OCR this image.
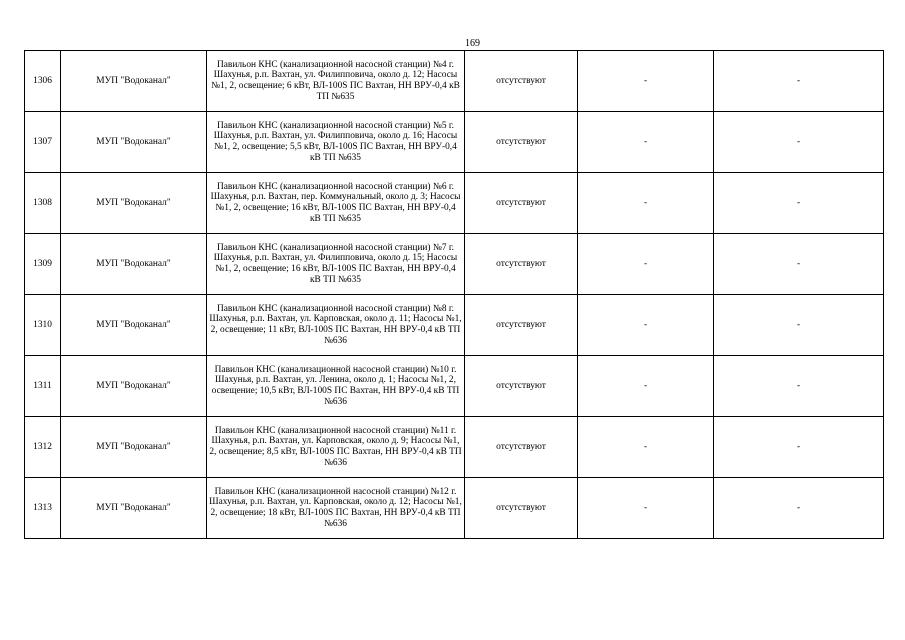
169
1306	МУП "Водоканал"	Павильон КНС (канализационной насосной станции) №4 г. Шахунья, р.п. Вахтан, ул. Филипповича, около д. 12; Насосы №1, 2, освещение; 6 кВт, ВЛ-100S ПС Вахтан, НН ВРУ-0,4 кВ ТП №635	отсутствуют	-	-
1307	МУП "Водоканал"	Павильон КНС (канализационной насосной станции) №5 г. Шахунья, р.п. Вахтан, ул. Филипповича, около д. 16; Насосы №1, 2, освещение; 5,5 кВт, ВЛ-100S ПС Вахтан, НН ВРУ-0,4 кВ ТП №635	отсутствуют	-	-
1308	МУП "Водоканал"	Павильон КНС (канализационной насосной станции) №6 г. Шахунья, р.п. Вахтан, пер. Коммунальный, около д. 3; Насосы №1, 2, освещение; 16 кВт, ВЛ-100S ПС Вахтан, НН ВРУ-0,4 кВ ТП №635	отсутствуют	-	-
1309	МУП "Водоканал"	Павильон КНС (канализационной насосной станции) №7 г. Шахунья, р.п. Вахтан, ул. Филипповича, около д. 15; Насосы №1, 2, освещение; 16 кВт, ВЛ-100S ПС Вахтан, НН ВРУ-0,4 кВ ТП №635	отсутствуют	-	-
1310	МУП "Водоканал"	Павильон КНС (канализационной насосной станции) №8 г. Шахунья, р.п. Вахтан, ул. Карповская, около д. 11; Насосы №1, 2, освещение; 11 кВт, ВЛ-100S ПС Вахтан, НН ВРУ-0,4 кВ ТП №636	отсутствуют	-	-
1311	МУП "Водоканал"	Павильон КНС (канализационной насосной станции) №10 г. Шахунья, р.п. Вахтан, ул. Ленина, около д. 1; Насосы №1, 2, освещение; 10,5 кВт, ВЛ-100S ПС Вахтан, НН ВРУ-0,4 кВ ТП №636	отсутствуют	-	-
1312	МУП "Водоканал"	Павильон КНС (канализационной насосной станции) №11 г. Шахунья, р.п. Вахтан, ул. Карповская, около д. 9; Насосы №1, 2, освещение; 8,5 кВт, ВЛ-100S ПС Вахтан, НН ВРУ-0,4 кВ ТП №636	отсутствуют	-	-
1313	МУП "Водоканал"	Павильон КНС (канализационной насосной станции) №12 г. Шахунья, р.п. Вахтан, ул. Карповская, около д. 12; Насосы №1, 2, освещение; 18 кВт, ВЛ-100S ПС Вахтан, НН ВРУ-0,4 кВ ТП №636	отсутствуют	-	-
